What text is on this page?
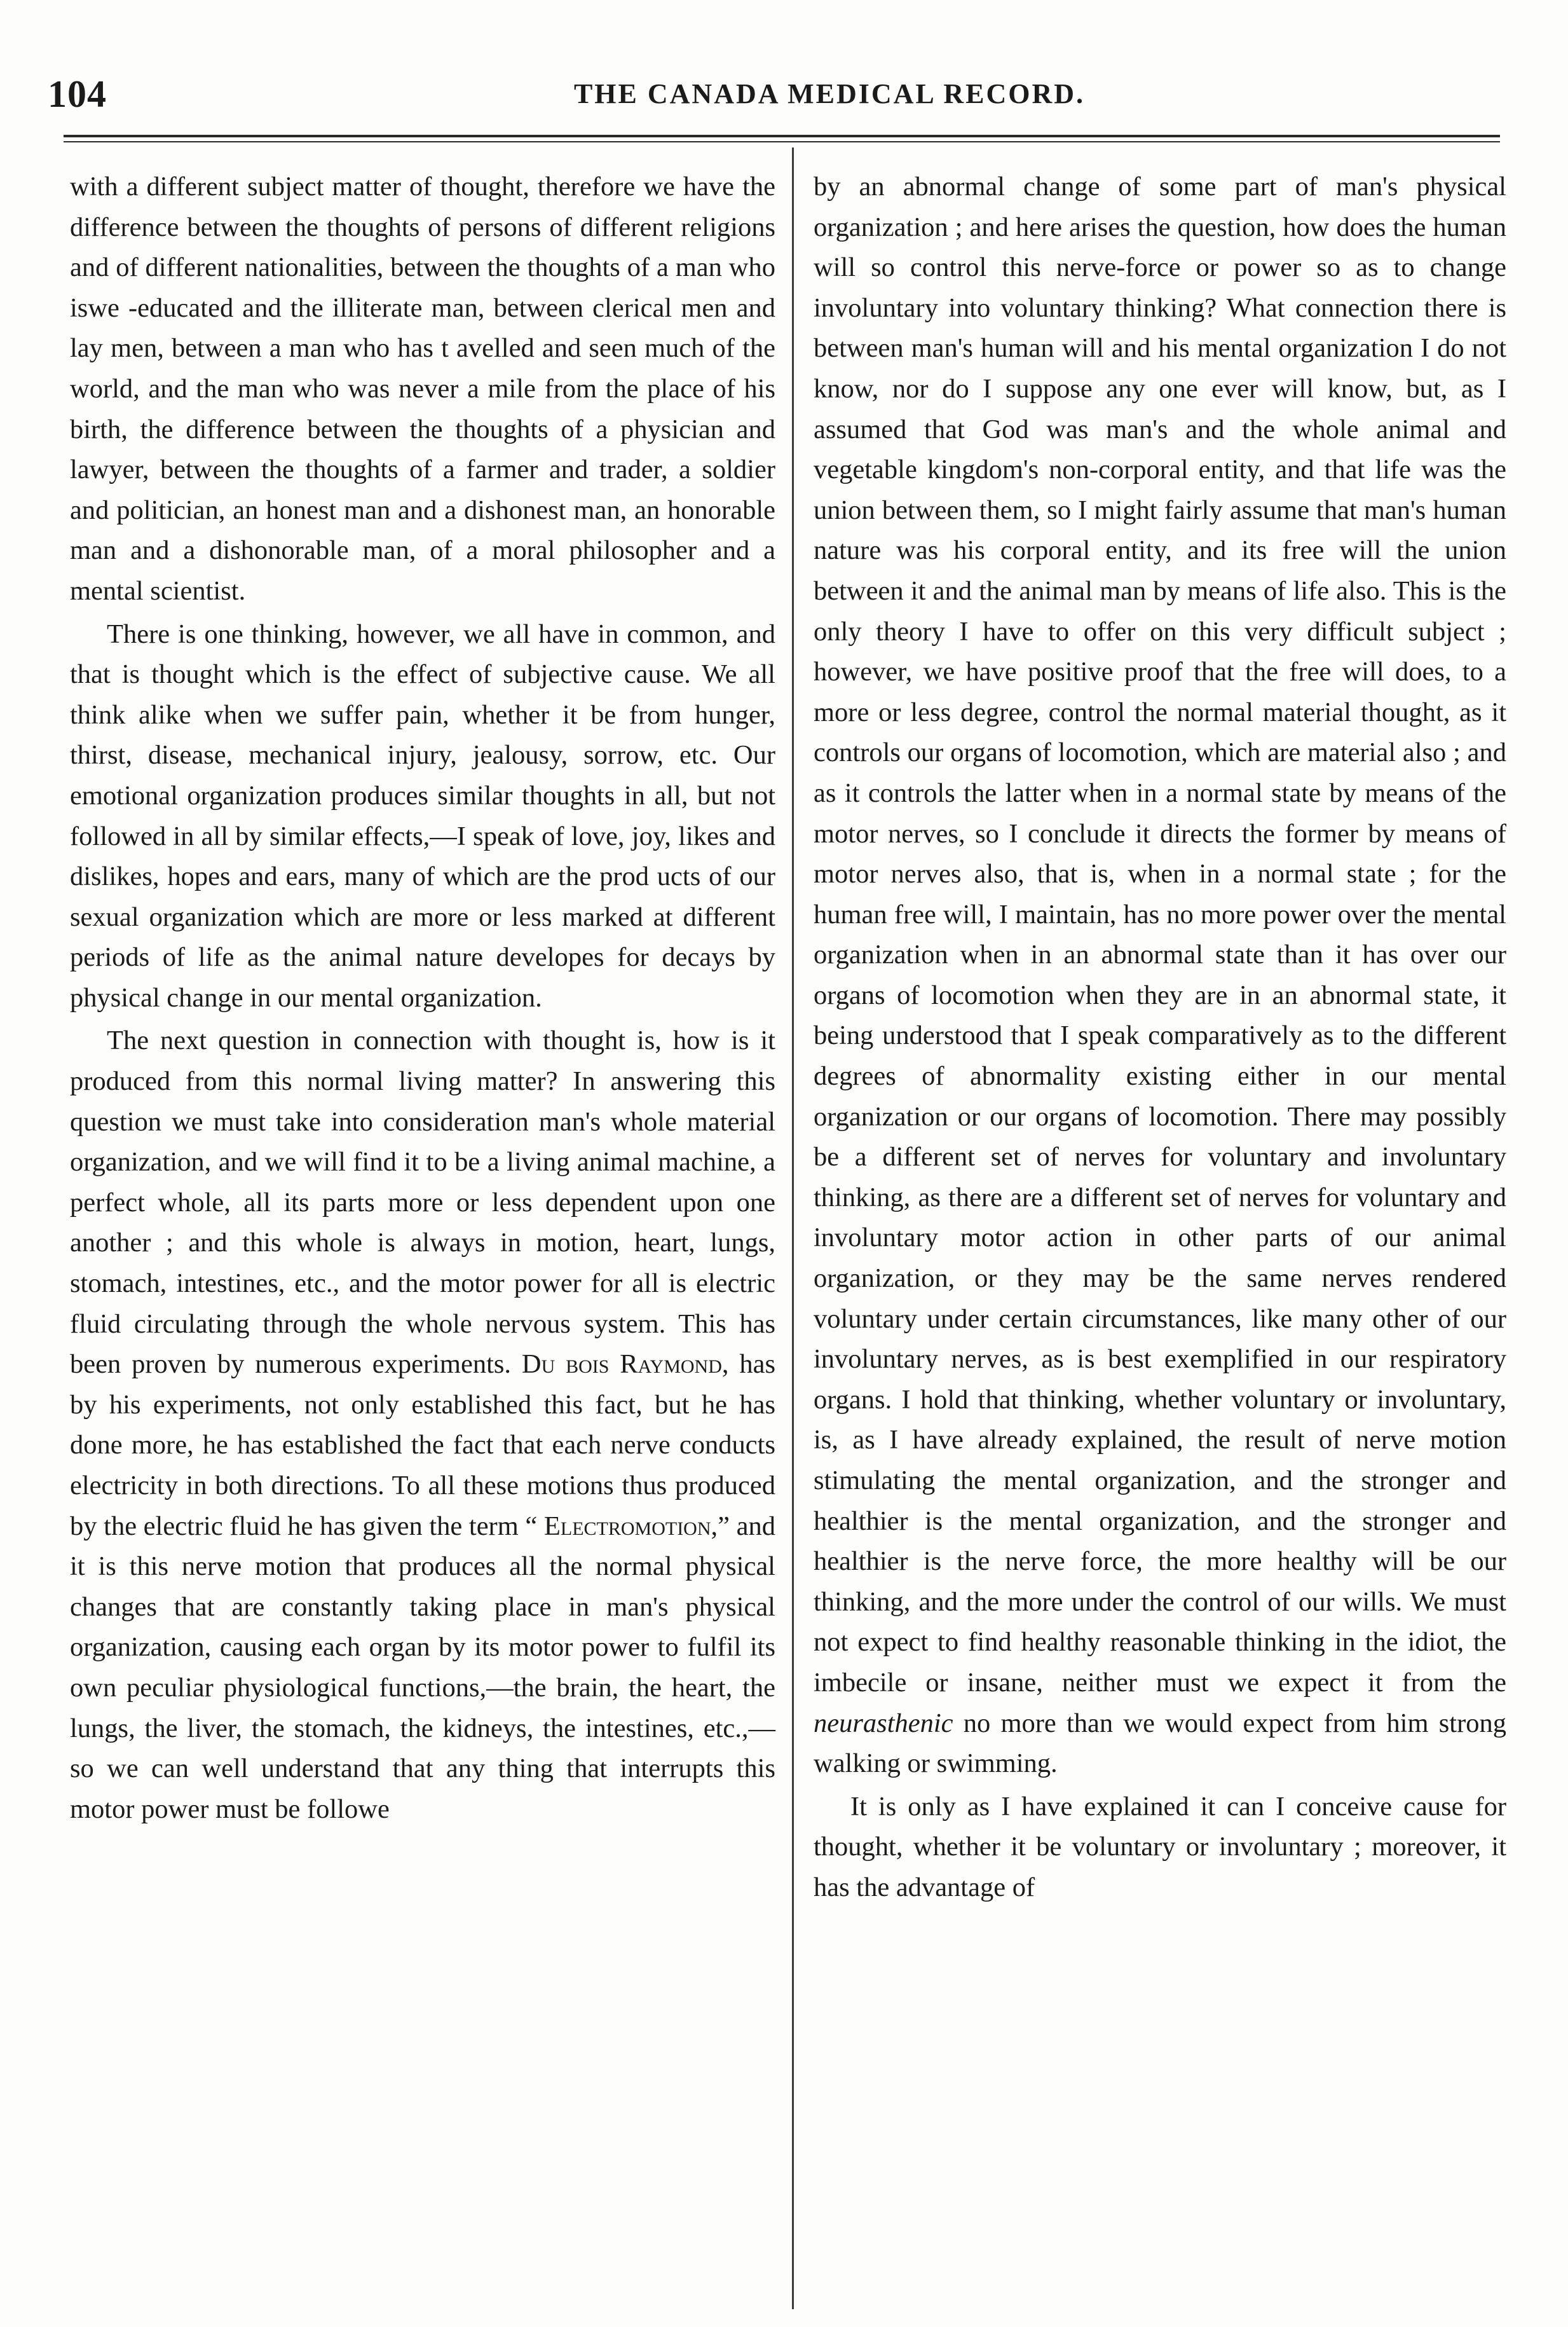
104	THE CANADA MEDICAL RECORD.

with a different subject matter of thought, therefore we have the difference between the thoughts of persons of different religions and of different nationalities, between the thoughts of a man who iswe -educated and the illiterate man, between clerical men and lay men, between a man who has t avelled and seen much of the world, and the man who was never a mile from the place of his birth, the difference between the thoughts of a physician and lawyer, between the thoughts of a farmer and trader, a soldier and politician, an honest man and a dishonest man, an honorable man and a dishonorable man, of a moral philosopher and a mental scientist.

There is one thinking, however, we all have in common, and that is thought which is the effect of subjective cause. We all think alike when we suffer pain, whether it be from hunger, thirst, disease, mechanical injury, jealousy, sorrow, etc. Our emotional organization produces similar thoughts in all, but not followed in all by similar effects,—I speak of love, joy, likes and dislikes, hopes and ears, many of which are the prod ucts of our sexual organization which are more or less marked at different periods of life as the animal nature developes for decays by physical change in our mental organization.

The next question in connection with thought is, how is it produced from this normal living matter? In answering this question we must take into consideration man's whole material organization, and we will find it to be a living animal machine, a perfect whole, all its parts more or less dependent upon one another ; and this whole is always in motion, heart, lungs, stomach, intestines, etc., and the motor power for all is electric fluid circulating through the whole nervous system. This has been proven by numerous experiments. Du bois Raymond, has by his experiments, not only established this fact, but he has done more, he has established the fact that each nerve conducts electricity in both directions. To all these motions thus produced by the electric fluid he has given the term “ Electromotion,” and it is this nerve motion that produces all the normal physical changes that are constantly taking place in man's physical organization, causing each organ by its motor power to fulfil its own peculiar physiological functions,—the brain, the heart, the lungs, the liver, the stomach, the kidneys, the intestines, etc.,—so we can well understand that any thing that interrupts this motor power must be followe

by an abnormal change of some part of man's physical organization ; and here arises the question, how does the human will so control this nerve-force or power so as to change involuntary into voluntary thinking? What connection there is between man's human will and his mental organization I do not know, nor do I suppose any one ever will know, but, as I assumed that God was man's and the whole animal and vegetable kingdom's non-corporal entity, and that life was the union between them, so I might fairly assume that man's human nature was his corporal entity, and its free will the union between it and the animal man by means of life also. This is the only theory I have to offer on this very difficult subject ; however, we have positive proof that the free will does, to a more or less degree, control the normal material thought, as it controls our organs of locomotion, which are material also ; and as it controls the latter when in a normal state by means of the motor nerves, so I conclude it directs the former by means of motor nerves also, that is, when in a normal state ; for the human free will, I maintain, has no more power over the mental organization when in an abnormal state than it has over our organs of locomotion when they are in an abnormal state, it being understood that I speak comparatively as to the different degrees of abnormality existing either in our mental organization or our organs of locomotion. There may possibly be a different set of nerves for voluntary and involuntary thinking, as there are a different set of nerves for voluntary and involuntary motor action in other parts of our animal organization, or they may be the same nerves rendered voluntary under certain circumstances, like many other of our involuntary nerves, as is best exemplified in our respiratory organs. I hold that thinking, whether voluntary or involuntary, is, as I have already explained, the result of nerve motion stimulating the mental organization, and the stronger and healthier is the mental organization, and the stronger and healthier is the nerve force, the more healthy will be our thinking, and the more under the control of our wills. We must not expect to find healthy reasonable thinking in the idiot, the imbecile or insane, neither must we expect it from the neurasthenic no more than we would expect from him strong walking or swimming.

It is only as I have explained it can I conceive cause for thought, whether it be voluntary or involuntary ; moreover, it has the advantage of
